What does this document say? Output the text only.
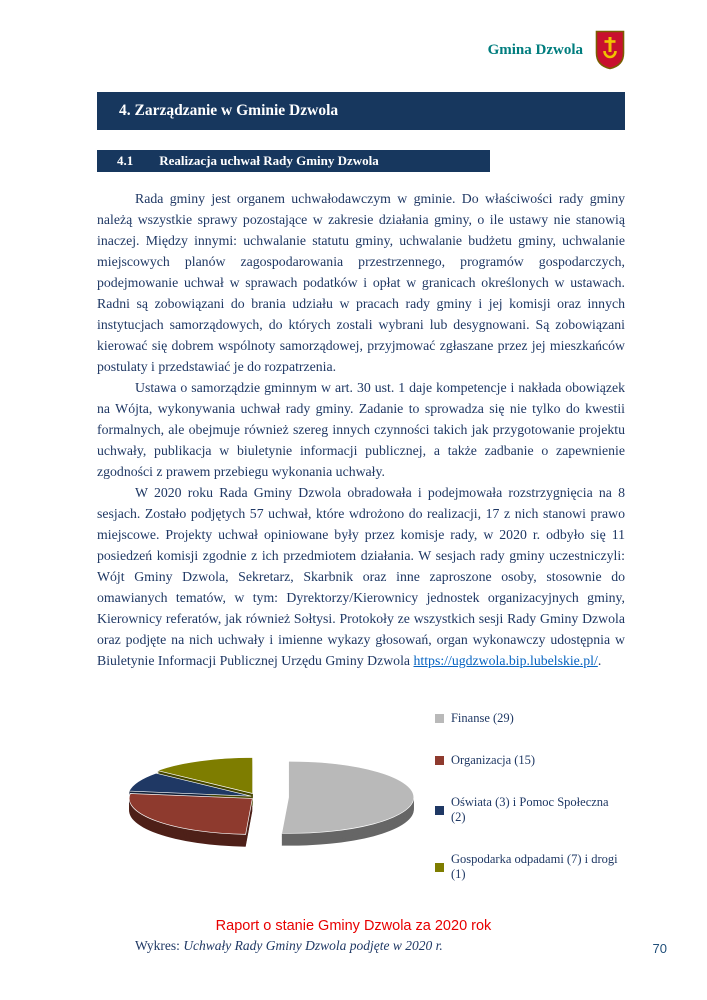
Gmina Dzwola
4. Zarządzanie w Gminie Dzwola
4.1 Realizacja uchwał Rady Gminy Dzwola

Rada gminy jest organem uchwałodawczym w gminie. Do właściwości rady gminy należą wszystkie sprawy pozostające w zakresie działania gminy, o ile ustawy nie stanowią inaczej. Między innymi: uchwalanie statutu gminy, uchwalanie budżetu gminy, uchwalanie miejscowych planów zagospodarowania przestrzennego, programów gospodarczych, podejmowanie uchwał w sprawach podatków i opłat w granicach określonych w ustawach. Radni są zobowiązani do brania udziału w pracach rady gminy i jej komisji oraz innych instytucjach samorządowych, do których zostali wybrani lub desygnowani. Są zobowiązani kierować się dobrem wspólnoty samorządowej, przyjmować zgłaszane przez jej mieszkańców postulaty i przedstawiać je do rozpatrzenia.

Ustawa o samorządzie gminnym w art. 30 ust. 1 daje kompetencje i nakłada obowiązek na Wójta, wykonywania uchwał rady gminy. Zadanie to sprowadza się nie tylko do kwestii formalnych, ale obejmuje również szereg innych czynności takich jak przygotowanie projektu uchwały, publikacja w biuletynie informacji publicznej, a także zadbanie o zapewnienie zgodności z prawem przebiegu wykonania uchwały.

W 2020 roku Rada Gminy Dzwola obradowała i podejmowała rozstrzygnięcia na 8 sesjach. Zostało podjętych 57 uchwał, które wdrożono do realizacji, 17 z nich stanowi prawo miejscowe. Projekty uchwał opiniowane były przez komisje rady, w 2020 r. odbyło się 11 posiedzeń komisji zgodnie z ich przedmiotem działania. W sesjach rady gminy uczestniczyli: Wójt Gminy Dzwola, Sekretarz, Skarbnik oraz inne zaproszone osoby, stosownie do omawianych tematów, w tym: Dyrektorzy/Kierownicy jednostek organizacyjnych gminy, Kierownicy referatów, jak również Sołtysi. Protokoły ze wszystkich sesji Rady Gminy Dzwola oraz podjęte na nich uchwały i imienne wykazy głosowań, organ wykonawczy udostępnia w Biuletynie Informacji Publicznej Urzędu Gminy Dzwola https://ugdzwola.bip.lubelskie.pl/.

Finanse (29)
Organizacja (15)
Oświata (3) i Pomoc Społeczna (2)
Gospodarka odpadami (7) i drogi (1)
Wykres: Uchwały Rady Gminy Dzwola podjęte w 2020 r.
Raport o stanie Gminy Dzwola za 2020 rok
70
